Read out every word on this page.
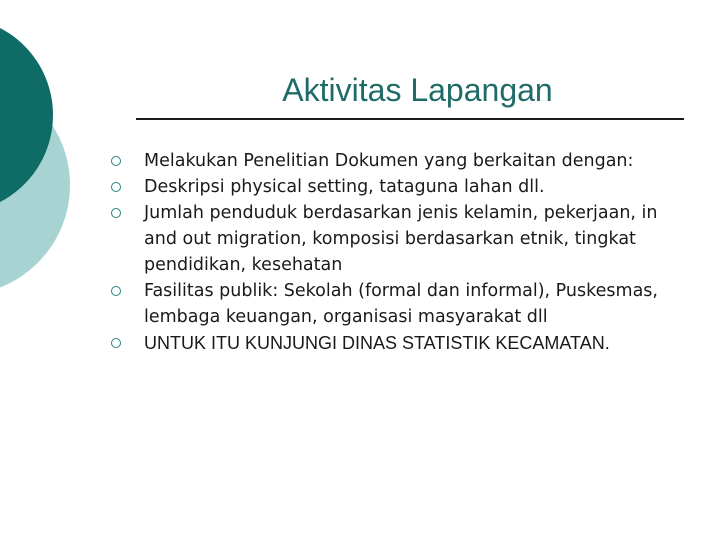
Aktivitas Lapangan
Melakukan Penelitian Dokumen yang berkaitan dengan:
Deskripsi physical setting, tataguna lahan dll.
Jumlah penduduk berdasarkan jenis kelamin, pekerjaan, in and out migration, komposisi berdasarkan etnik, tingkat pendidikan, kesehatan
Fasilitas publik: Sekolah (formal dan informal), Puskesmas, lembaga keuangan, organisasi masyarakat dll
UNTUK ITU KUNJUNGI DINAS STATISTIK KECAMATAN.
